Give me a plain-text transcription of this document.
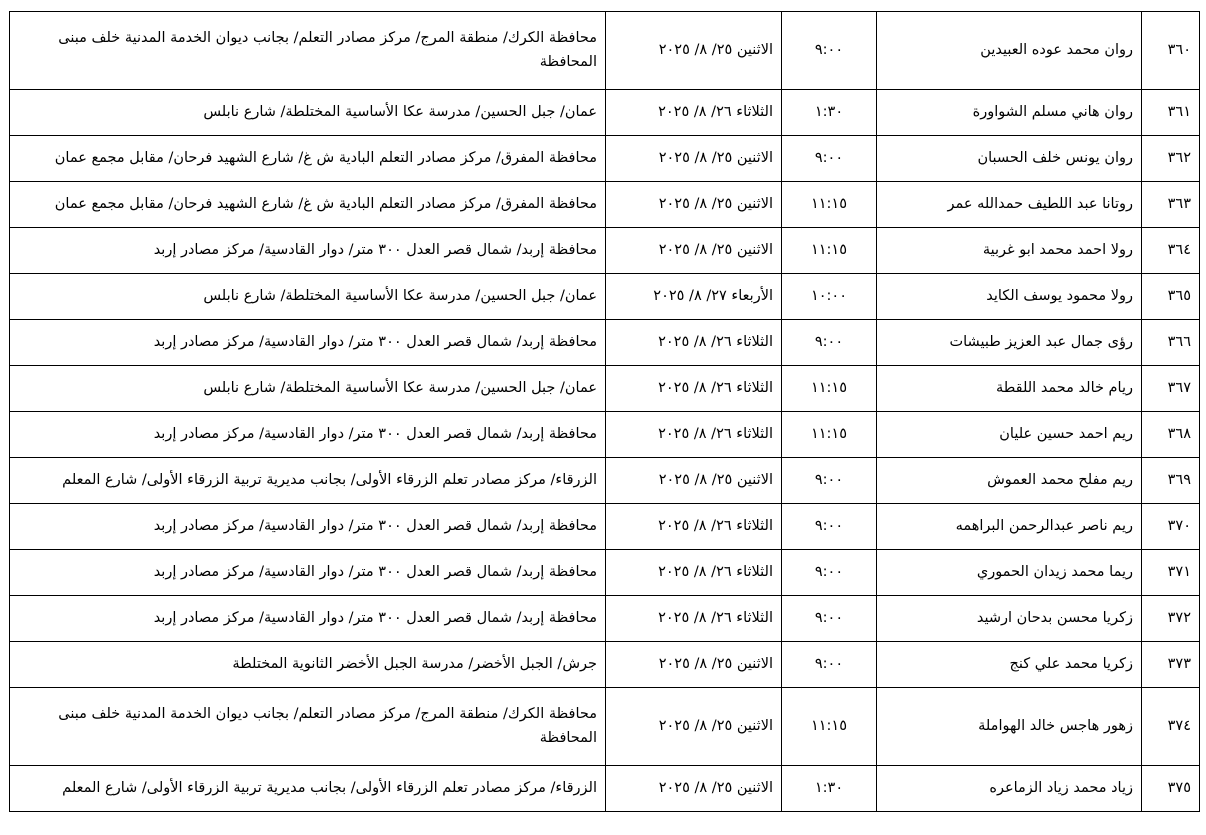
٣٦٠	روان محمد عوده العبيدين	٩:٠٠	الاثنين ٢٥/ ٨/ ٢٠٢٥	محافظة الكرك/ منطقة المرج/ مركز مصادر التعلم/ بجانب ديوان الخدمة المدنية خلف مبنى المحافظة
٣٦١	روان هاني مسلم الشواورة	١:٣٠	الثلاثاء ٢٦/ ٨/ ٢٠٢٥	عمان/ جبل الحسين/ مدرسة عكا الأساسية المختلطة/ شارع نابلس
٣٦٢	روان يونس خلف الحسبان	٩:٠٠	الاثنين ٢٥/ ٨/ ٢٠٢٥	محافظة المفرق/ مركز مصادر التعلم البادية ش غ/ شارع الشهيد فرحان/ مقابل مجمع عمان
٣٦٣	روتانا عبد اللطيف حمدالله عمر	١١:١٥	الاثنين ٢٥/ ٨/ ٢٠٢٥	محافظة المفرق/ مركز مصادر التعلم البادية ش غ/ شارع الشهيد فرحان/ مقابل مجمع عمان
٣٦٤	رولا احمد محمد ابو غربية	١١:١٥	الاثنين ٢٥/ ٨/ ٢٠٢٥	محافظة إربد/ شمال قصر العدل ٣٠٠ متر/ دوار القادسية/ مركز مصادر إربد
٣٦٥	رولا محمود يوسف الكايد	١٠:٠٠	الأربعاء ٢٧/ ٨/ ٢٠٢٥	عمان/ جبل الحسين/ مدرسة عكا الأساسية المختلطة/ شارع نابلس
٣٦٦	رؤى جمال عبد العزيز طبيشات	٩:٠٠	الثلاثاء ٢٦/ ٨/ ٢٠٢٥	محافظة إربد/ شمال قصر العدل ٣٠٠ متر/ دوار القادسية/ مركز مصادر إربد
٣٦٧	ريام خالد محمد اللقطة	١١:١٥	الثلاثاء ٢٦/ ٨/ ٢٠٢٥	عمان/ جبل الحسين/ مدرسة عكا الأساسية المختلطة/ شارع نابلس
٣٦٨	ريم احمد حسين عليان	١١:١٥	الثلاثاء ٢٦/ ٨/ ٢٠٢٥	محافظة إربد/ شمال قصر العدل ٣٠٠ متر/ دوار القادسية/ مركز مصادر إربد
٣٦٩	ريم مفلح محمد العموش	٩:٠٠	الاثنين ٢٥/ ٨/ ٢٠٢٥	الزرقاء/ مركز مصادر تعلم الزرقاء الأولى/ بجانب مديرية تربية الزرقاء الأولى/ شارع المعلم
٣٧٠	ريم ناصر عبدالرحمن البراهمه	٩:٠٠	الثلاثاء ٢٦/ ٨/ ٢٠٢٥	محافظة إربد/ شمال قصر العدل ٣٠٠ متر/ دوار القادسية/ مركز مصادر إربد
٣٧١	ريما محمد زيدان الحموري	٩:٠٠	الثلاثاء ٢٦/ ٨/ ٢٠٢٥	محافظة إربد/ شمال قصر العدل ٣٠٠ متر/ دوار القادسية/ مركز مصادر إربد
٣٧٢	زكريا محسن بدحان ارشيد	٩:٠٠	الثلاثاء ٢٦/ ٨/ ٢٠٢٥	محافظة إربد/ شمال قصر العدل ٣٠٠ متر/ دوار القادسية/ مركز مصادر إربد
٣٧٣	زكريا محمد علي كنج	٩:٠٠	الاثنين ٢٥/ ٨/ ٢٠٢٥	جرش/ الجبل الأخضر/ مدرسة الجبل الأخضر الثانوية المختلطة
٣٧٤	زهور هاجس خالد الهواملة	١١:١٥	الاثنين ٢٥/ ٨/ ٢٠٢٥	محافظة الكرك/ منطقة المرج/ مركز مصادر التعلم/ بجانب ديوان الخدمة المدنية خلف مبنى المحافظة
٣٧٥	زياد محمد زياد الزماعره	١:٣٠	الاثنين ٢٥/ ٨/ ٢٠٢٥	الزرقاء/ مركز مصادر تعلم الزرقاء الأولى/ بجانب مديرية تربية الزرقاء الأولى/ شارع المعلم
